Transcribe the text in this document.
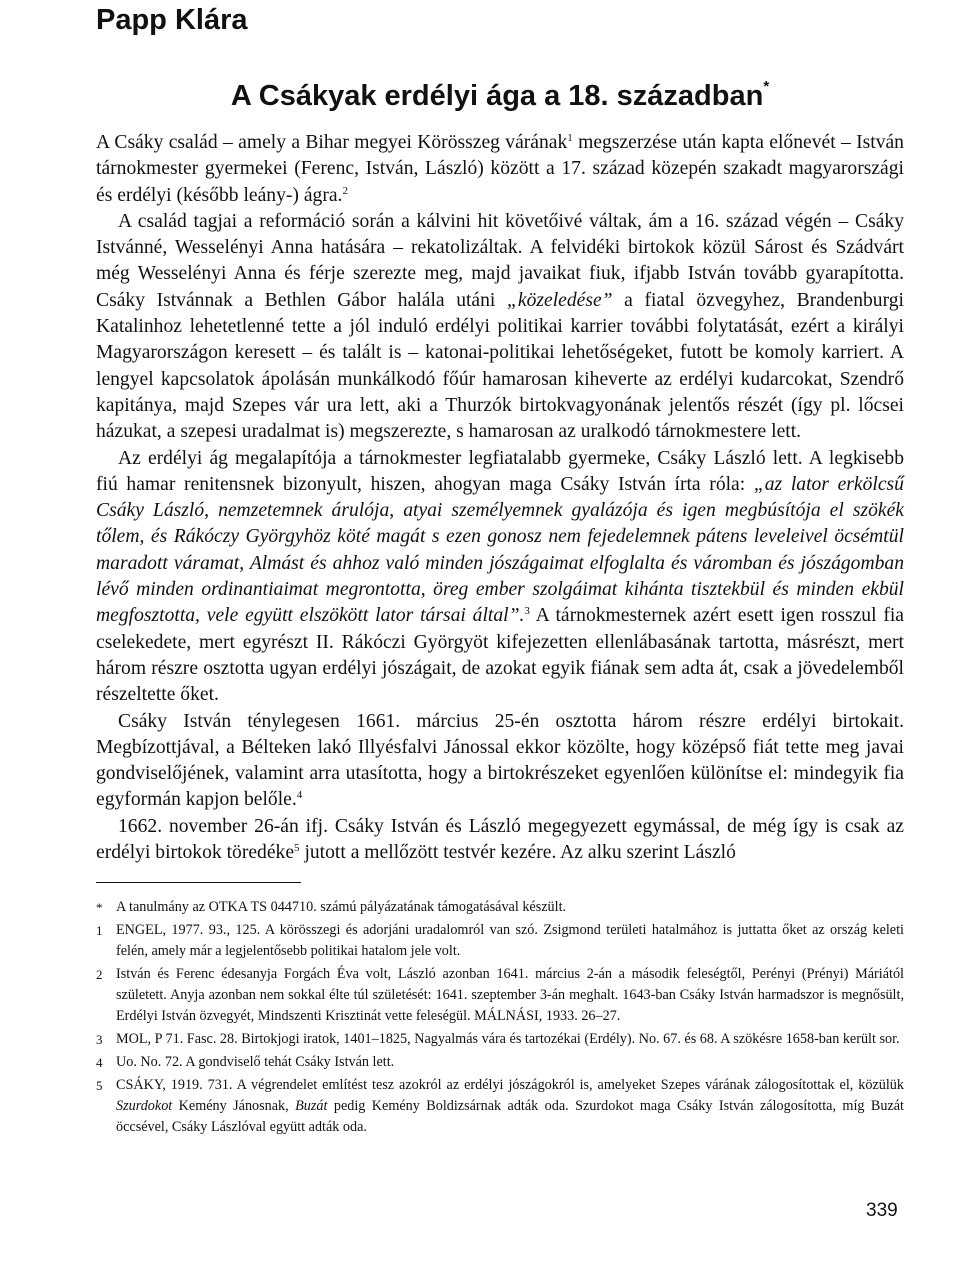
Papp Klára
A Csákyak erdélyi ága a 18. században*

A Csáky család – amely a Bihar megyei Körösszeg várának$^1$ megszerzése után kapta előnevét – István tárnokmester gyermekei (Ferenc, István, László) között a 17. század közepén szakadt magyarországi és erdélyi (később leány-) ágra.$^2$

A család tagjai a reformáció során a kálvini hit követőivé váltak, ám a 16. század végén – Csáky Istvánné, Wesselényi Anna hatására – rekatolizáltak. A felvidéki birtokok közül Sárost és Szádvárt még Wesselényi Anna és férje szerezte meg, majd javaikat fiuk, ifjabb István tovább gyarapította. Csáky Istvánnak a Bethlen Gábor halála utáni „közeledése” a fiatal özvegyhez, Brandenburgi Katalinhoz lehetetlenné tette a jól induló erdélyi politikai karrier további folytatását, ezért a királyi Magyarországon keresett – és talált is – katonai-politikai lehetőségeket, futott be komoly karriert. A lengyel kapcsolatok ápolásán munkálkodó főúr hamarosan kiheverte az erdélyi kudarcokat, Szendrő kapitánya, majd Szepes vár ura lett, aki a Thurzók birtokvagyonának jelentős részét (így pl. lőcsei házukat, a szepesi uradalmat is) megszerezte, s hamarosan az uralkodó tárnokmestere lett.

Az erdélyi ág megalapítója a tárnokmester legfiatalabb gyermeke, Csáky László lett. A legkisebb fiú hamar renitensnek bizonyult, hiszen, ahogyan maga Csáky István írta róla: „az lator erkölcsű Csáky László, nemzetemnek árulója, atyai személyemnek gyalázója és igen megbúsítója el szökék tőlem, és Rákóczy Györgyhöz köté magát s ezen gonosz nem fejedelemnek pátens leveleivel öcsémtül maradott váramat, Almást és ahhoz való minden jószágaimat elfoglalta és váromban és jószágomban lévő minden ordinantiaimat megrontotta, öreg ember szolgáimat kihánta tisztekbül és minden ekbül megfosztotta, vele együtt elszökött lator társai által”.$^3$ A tárnokmesternek azért esett igen rosszul fia cselekedete, mert egyrészt II. Rákóczi Györgyöt kifejezetten ellenlábasának tartotta, másrészt, mert három részre osztotta ugyan erdélyi jószágait, de azokat egyik fiának sem adta át, csak a jövedelemből részeltette őket.

Csáky István ténylegesen 1661. március 25-én osztotta három részre erdélyi birtokait. Megbízottjával, a Bélteken lakó Illyésfalvi Jánossal ekkor közölte, hogy középső fiát tette meg javai gondviselőjének, valamint arra utasította, hogy a birtokrészeket egyenlően különítse el: mindegyik fia egyformán kapjon belőle.$^4$

1662. november 26-án ifj. Csáky István és László megegyezett egymással, de még így is csak az erdélyi birtokok töredéke$^5$ jutott a mellőzött testvér kezére. Az alku szerint László

* A tanulmány az OTKA TS 044710. számú pályázatának támogatásával készült.
1 ENGEL, 1977. 93., 125. A körösszegi és adorjáni uradalomról van szó. Zsigmond területi hatalmához is juttatta őket az ország keleti felén, amely már a legjelentősebb politikai hatalom jele volt.
2 István és Ferenc édesanyja Forgách Éva volt, László azonban 1641. március 2-án a második feleségtől, Perényi (Prényi) Máriától született. Anyja azonban nem sokkal élte túl születését: 1641. szeptember 3-án meghalt. 1643-ban Csáky István harmadszor is megnősült, Erdélyi István özvegyét, Mindszenti Krisztinát vette feleségül. MÁLNÁSI, 1933. 26–27.
3 MOL, P 71. Fasc. 28. Birtokjogi iratok, 1401–1825, Nagyalmás vára és tartozékai (Erdély). No. 67. és 68. A szökésre 1658-ban került sor.
4 Uo. No. 72. A gondviselő tehát Csáky István lett.
5 CSÁKY, 1919. 731. A végrendelet említést tesz azokról az erdélyi jószágokról is, amelyeket Szepes várának zálogosítottak el, közülük Szurdokot Kemény Jánosnak, Buzát pedig Kemény Boldizsárnak adták oda. Szurdokot maga Csáky István zálogosította, míg Buzát öccsével, Csáky Lászlóval együtt adták oda.
339
